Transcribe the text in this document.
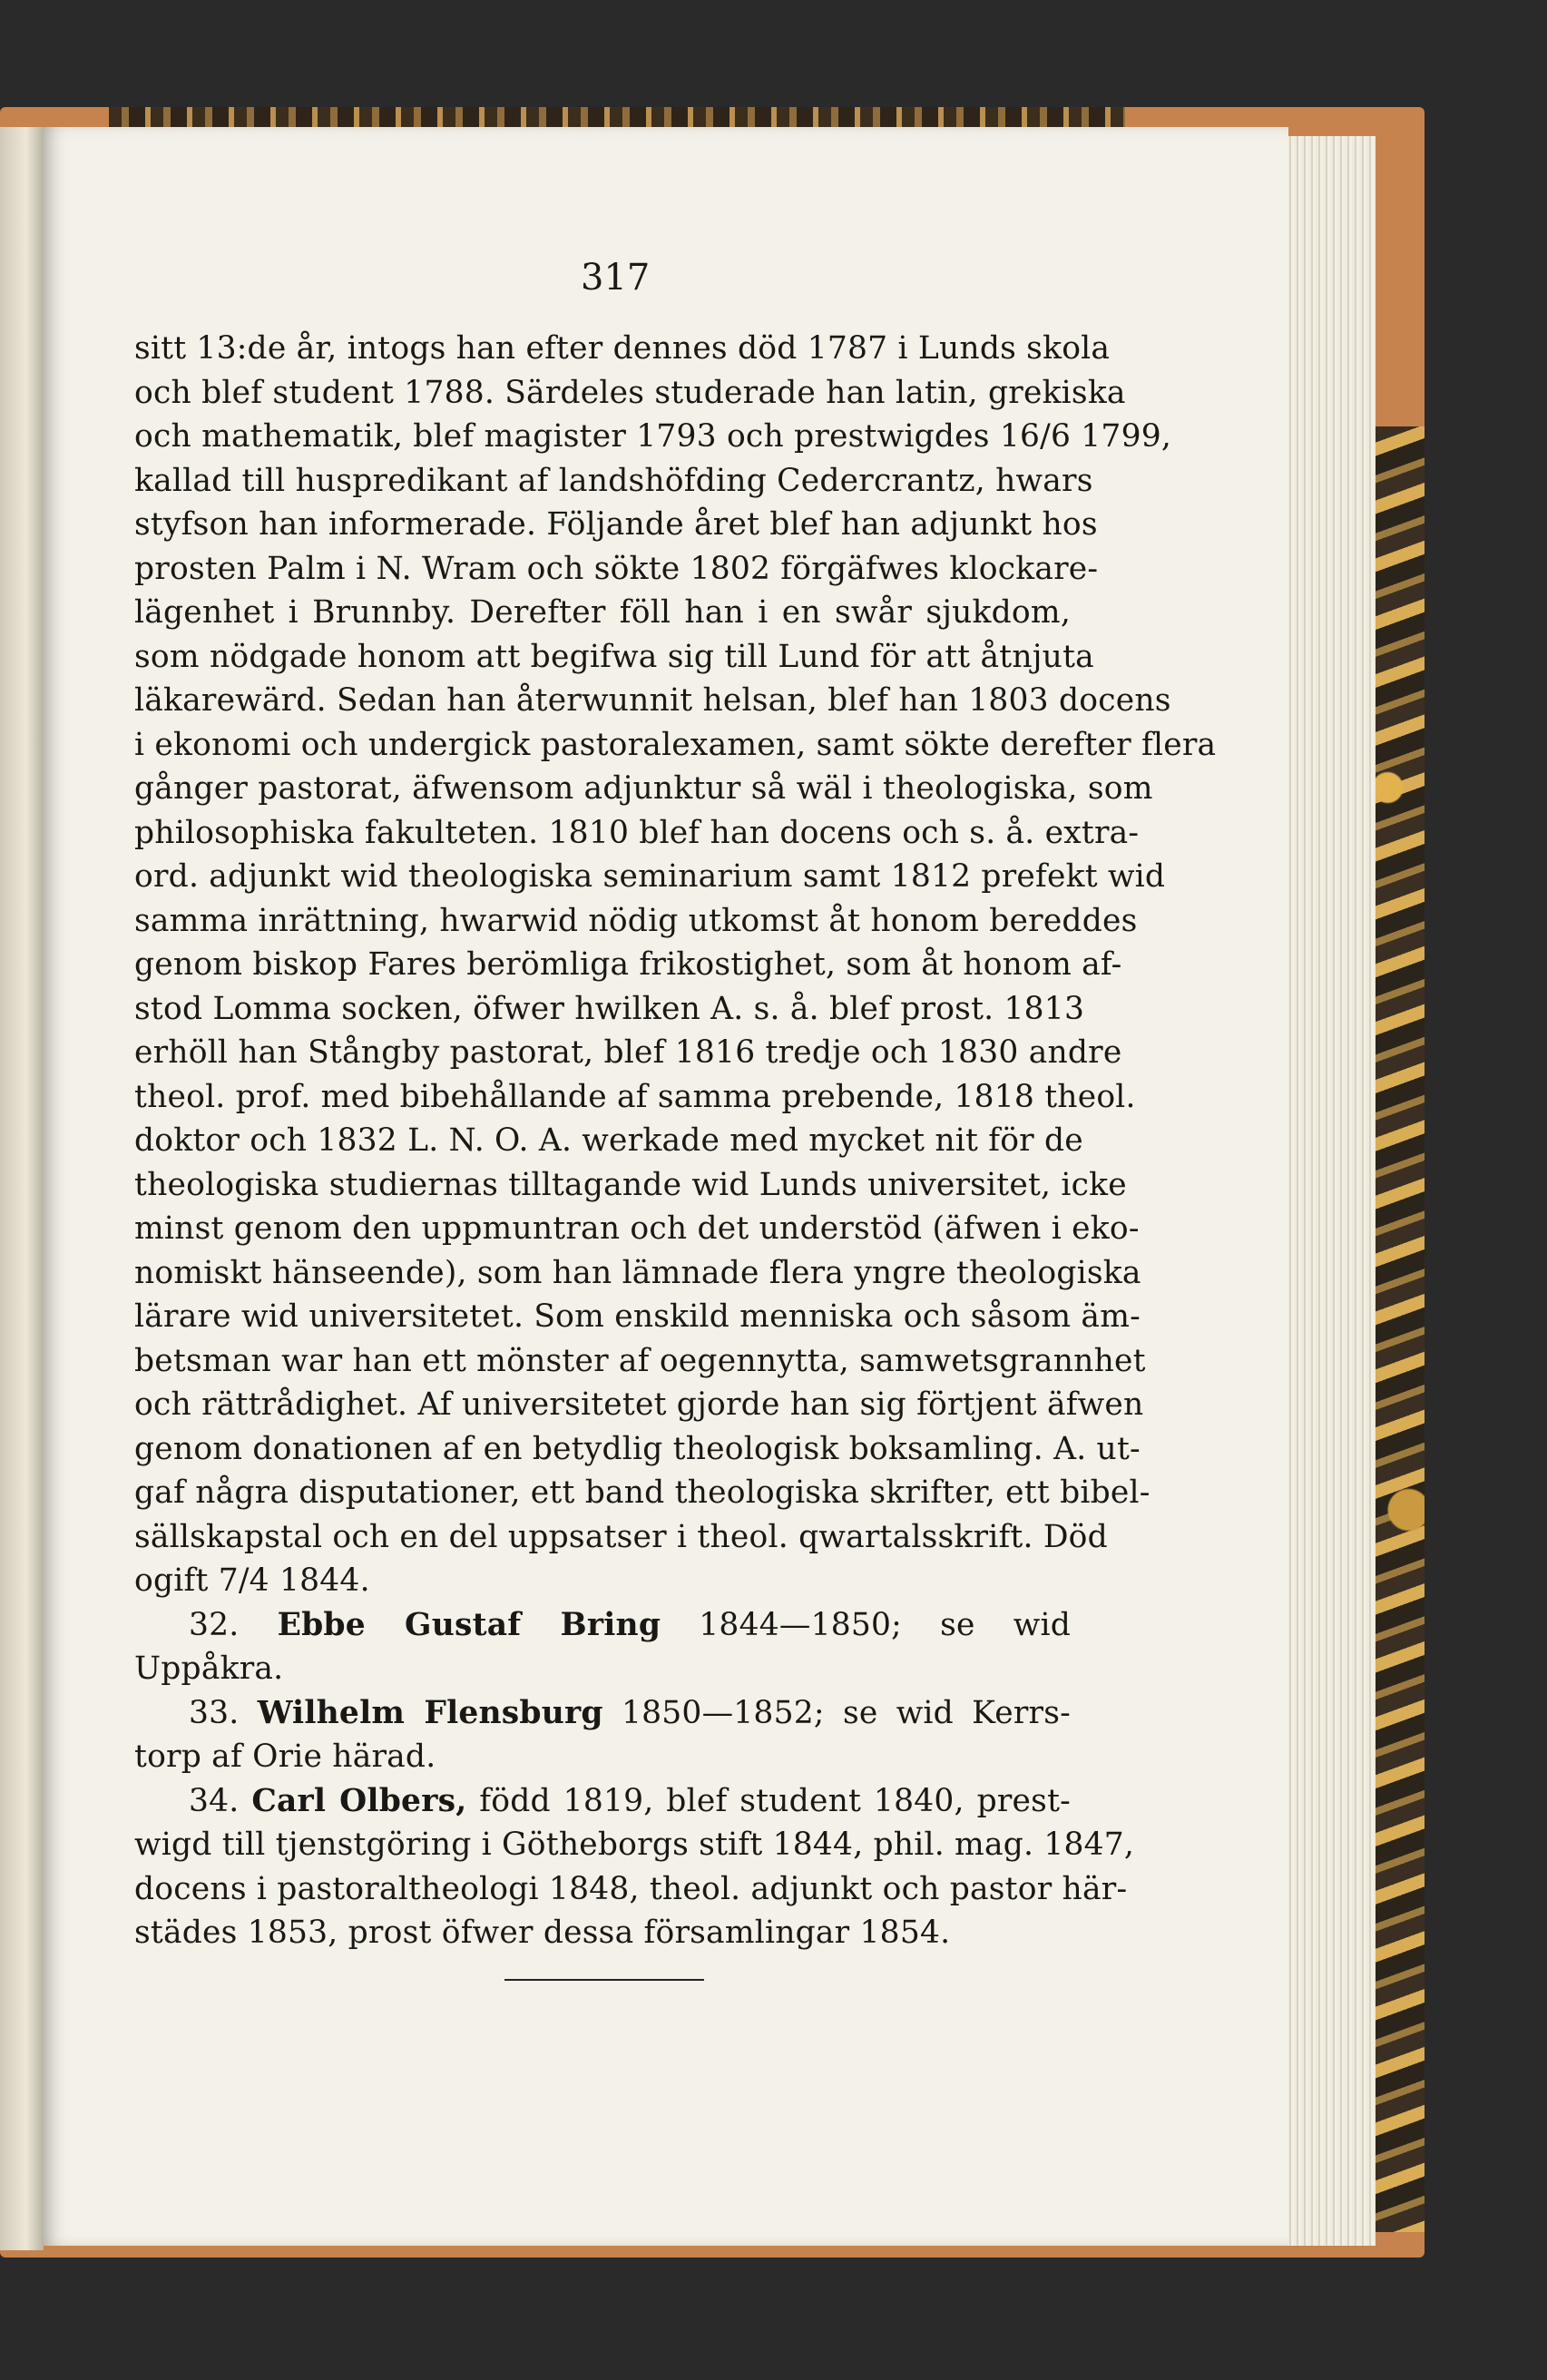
317
sitt 13:de år, intogs han efter dennes död 1787 i Lunds skola
och blef student 1788. Särdeles studerade han latin, grekiska
och mathematik, blef magister 1793 och prestwigdes 16/6 1799,
kallad till huspredikant af landshöfding Cedercrantz, hwars
styfson han informerade. Följande året blef han adjunkt hos
prosten Palm i N. Wram och sökte 1802 förgäfwes klockare-
lägenhet i Brunnby. Derefter föll han i en swår sjukdom,
som nödgade honom att begifwa sig till Lund för att åtnjuta
läkarewärd. Sedan han återwunnit helsan, blef han 1803 docens
i ekonomi och undergick pastoralexamen, samt sökte derefter flera
gånger pastorat, äfwensom adjunktur så wäl i theologiska, som
philosophiska fakulteten. 1810 blef han docens och s. å. extra-
ord. adjunkt wid theologiska seminarium samt 1812 prefekt wid
samma inrättning, hwarwid nödig utkomst åt honom bereddes
genom biskop Fares berömliga frikostighet, som åt honom af-
stod Lomma socken, öfwer hwilken A. s. å. blef prost. 1813
erhöll han Stångby pastorat, blef 1816 tredje och 1830 andre
theol. prof. med bibehållande af samma prebende, 1818 theol.
doktor och 1832 L. N. O. A. werkade med mycket nit för de
theologiska studiernas tilltagande wid Lunds universitet, icke
minst genom den uppmuntran och det understöd (äfwen i eko-
nomiskt hänseende), som han lämnade flera yngre theologiska
lärare wid universitetet. Som enskild menniska och såsom äm-
betsman war han ett mönster af oegennytta, samwetsgrannhet
och rättrådighet. Af universitetet gjorde han sig förtjent äfwen
genom donationen af en betydlig theologisk boksamling. A. ut-
gaf några disputationer, ett band theologiska skrifter, ett bibel-
sällskapstal och en del uppsatser i theol. qwartalsskrift. Död
ogift 7/4 1844.
32. Ebbe Gustaf Bring 1844—1850; se wid
Uppåkra.
33. Wilhelm Flensburg 1850—1852; se wid Kerrs-
torp af Orie härad.
34. Carl Olbers, född 1819, blef student 1840, prest-
wigd till tjenstgöring i Götheborgs stift 1844, phil. mag. 1847,
docens i pastoraltheologi 1848, theol. adjunkt och pastor här-
städes 1853, prost öfwer dessa församlingar 1854.
